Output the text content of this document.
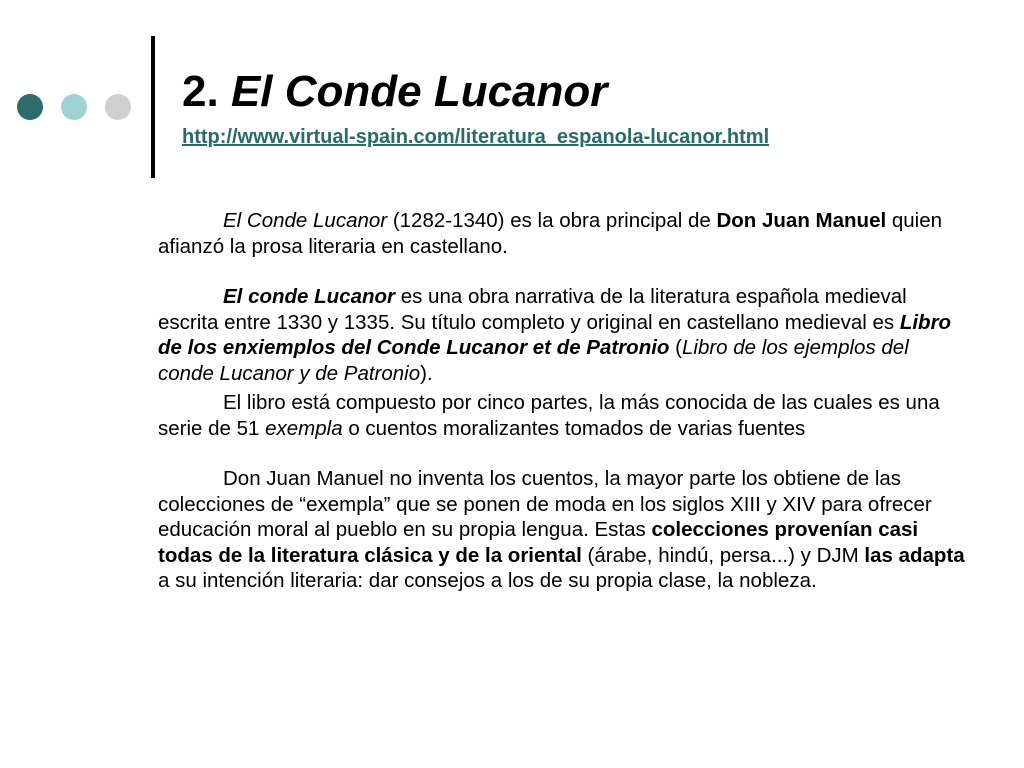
2. El Conde Lucanor
http://www.virtual-spain.com/literatura_espanola-lucanor.html

El Conde Lucanor (1282-1340) es la obra principal de Don Juan Manuel quien afianzó la prosa literaria en castellano.

El conde Lucanor es una obra narrativa de la literatura española medieval escrita entre 1330 y 1335. Su título completo y original en castellano medieval es Libro de los enxiemplos del Conde Lucanor et de Patronio (Libro de los ejemplos del conde Lucanor y de Patronio).

El libro está compuesto por cinco partes, la más conocida de las cuales es una serie de 51 exempla o cuentos moralizantes tomados de varias fuentes

Don Juan Manuel no inventa los cuentos, la mayor parte los obtiene de las colecciones de “exempla” que se ponen de moda en los siglos XIII y XIV para ofrecer educación moral al pueblo en su propia lengua. Estas colecciones provenían casi todas de la literatura clásica y de la oriental (árabe, hindú, persa...) y DJM las adapta a su intención literaria: dar consejos a los de su propia clase, la nobleza.
